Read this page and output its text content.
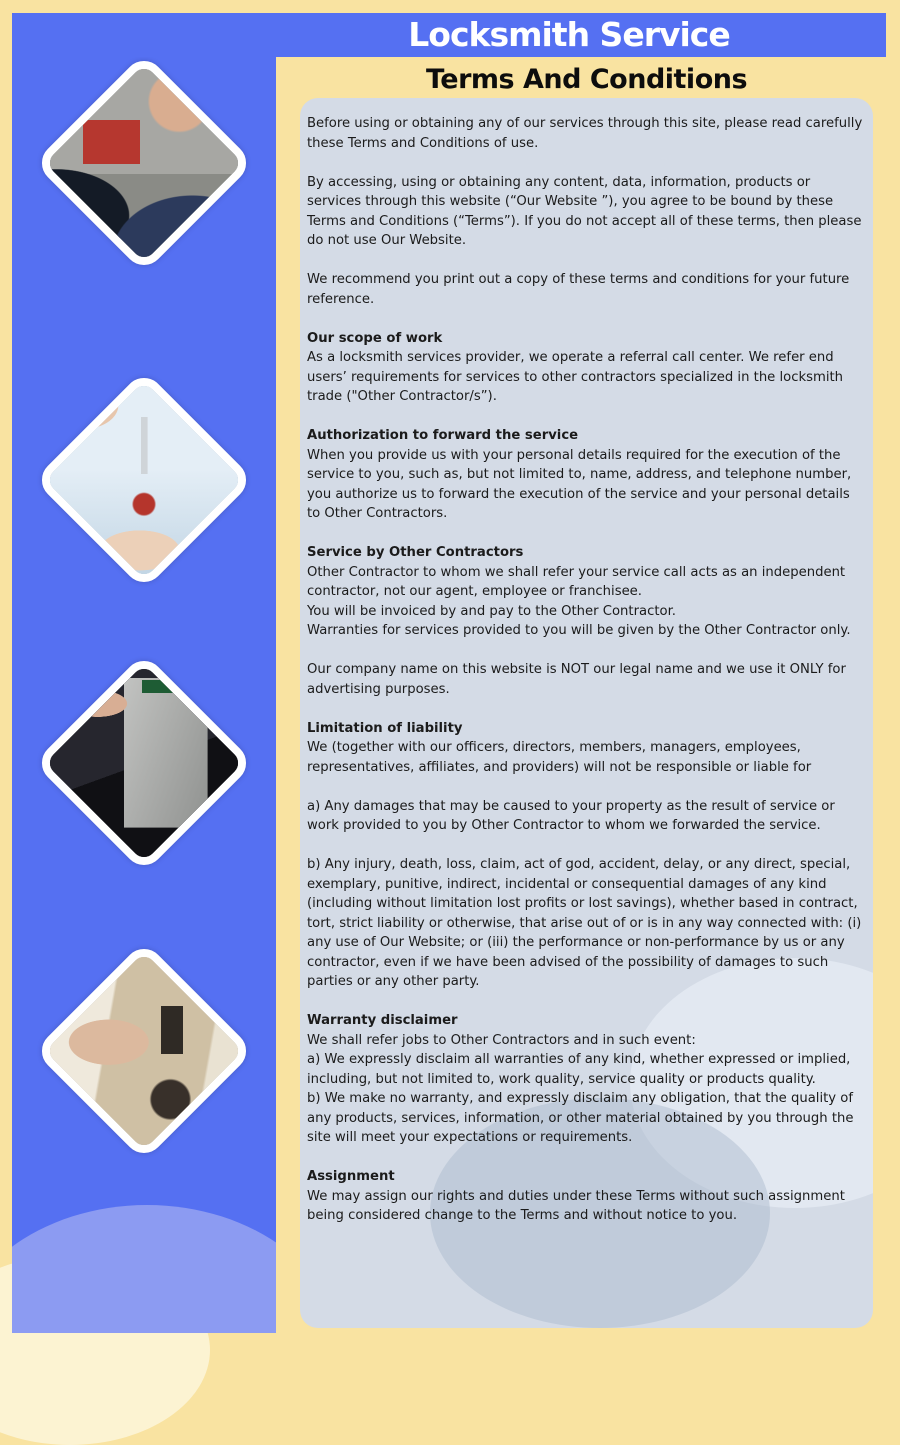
Locksmith Service
Terms And Conditions

Before using or obtaining any of our services through this site, please read carefully these Terms and Conditions of use.

By accessing, using or obtaining any content, data, information, products or services through this website (“Our Website ”), you agree to be bound by these Terms and Conditions (“Terms”). If you do not accept all of these terms, then please do not use Our Website.

We recommend you print out a copy of these terms and conditions for your future reference.

Our scope of work

As a locksmith services provider, we operate a referral call center. We refer end users’ requirements for services to other contractors specialized in the locksmith trade ("Other Contractor/s”).

Authorization to forward the service

When you provide us with your personal details required for the execution of the service to you, such as, but not limited to, name, address, and telephone number, you authorize us to forward the execution of the service and your personal details to Other Contractors.

Service by Other Contractors

Other Contractor to whom we shall refer your service call acts as an independent contractor, not our agent, employee or franchisee.
You will be invoiced by and pay to the Other Contractor.
Warranties for services provided to you will be given by the Other Contractor only.

Our company name on this website is NOT our legal name and we use it ONLY for advertising purposes.

Limitation of liability

We (together with our officers, directors, members, managers, employees, representatives, affiliates, and providers) will not be responsible or liable for

a) Any damages that may be caused to your property as the result of service or work provided to you by Other Contractor to whom we forwarded the service.

b) Any injury, death, loss, claim, act of god, accident, delay, or any direct, special, exemplary, punitive, indirect, incidental or consequential damages of any kind (including without limitation lost profits or lost savings), whether based in contract, tort, strict liability or otherwise, that arise out of or is in any way connected with: (i) any use of Our Website; or (iii) the performance or non-performance by us or any contractor, even if we have been advised of the possibility of damages to such parties or any other party.

Warranty disclaimer

We shall refer jobs to Other Contractors and in such event:
a) We expressly disclaim all warranties of any kind, whether expressed or implied, including, but not limited to, work quality, service quality or products quality.
b) We make no warranty, and expressly disclaim any obligation, that the quality of any products, services, information, or other material obtained by you through the site will meet your expectations or requirements.

Assignment

We may assign our rights and duties under these Terms without such assignment being considered change to the Terms and without notice to you.
